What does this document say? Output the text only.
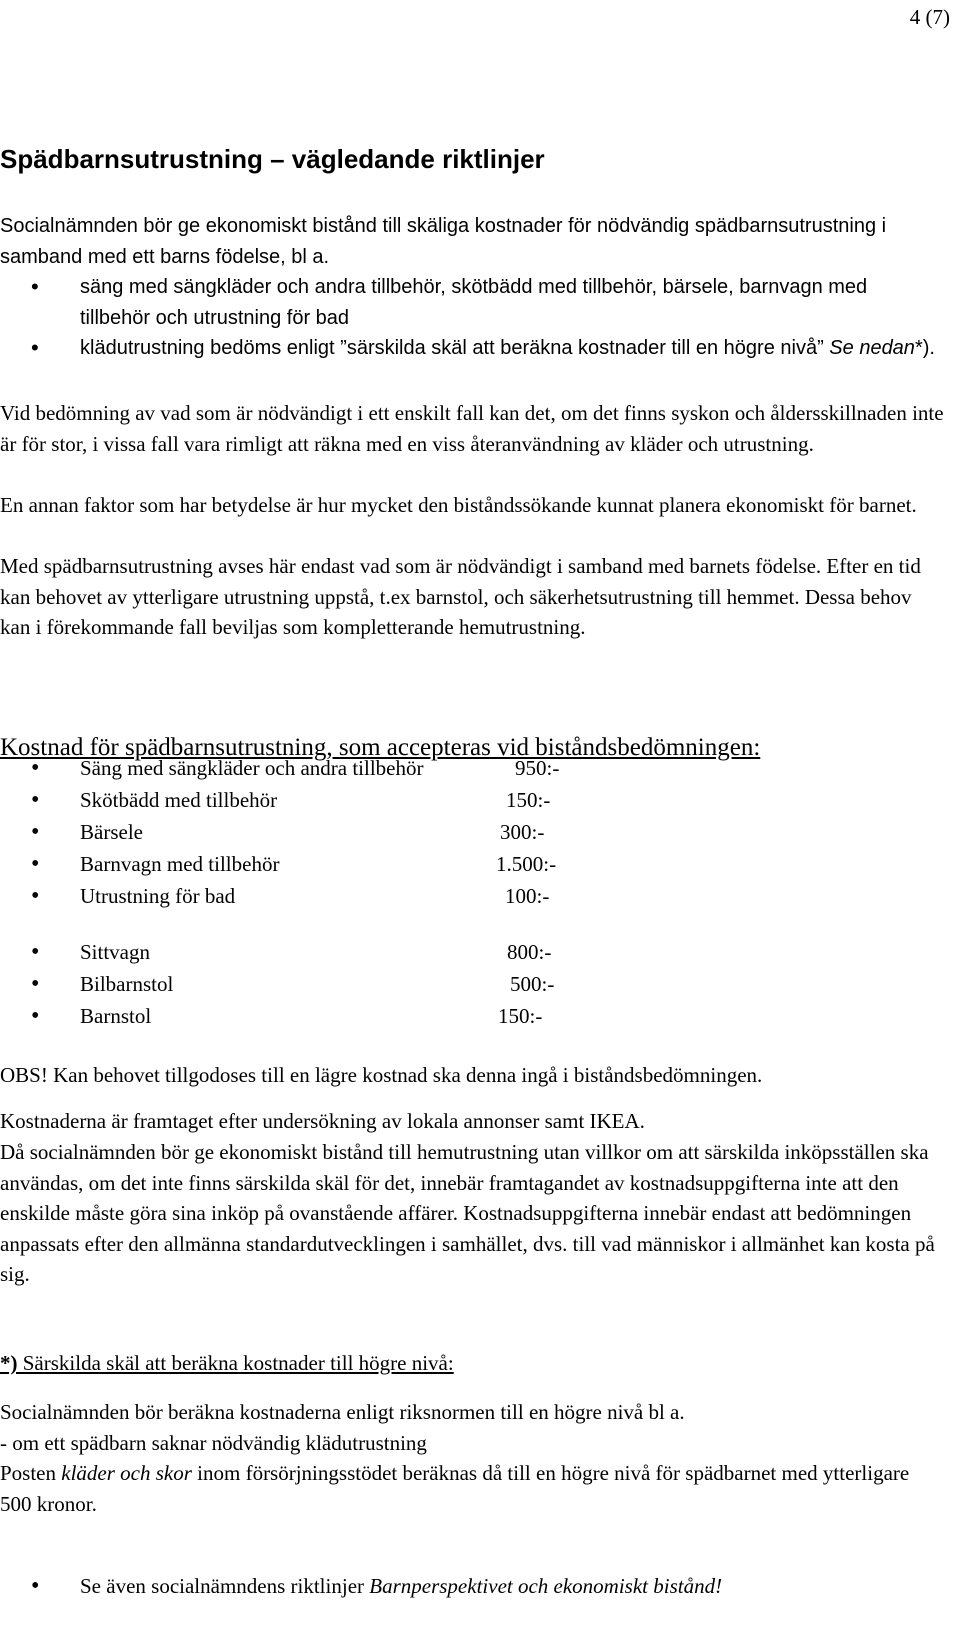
4 (7)
Spädbarnsutrustning – vägledande riktlinjer

Socialnämnden bör ge ekonomiskt bistånd till skäliga kostnader för nödvändig spädbarnsutrustning i samband med ett barns födelse, bl a.

• säng med sängkläder och andra tillbehör, skötbädd med tillbehör, bärsele, barnvagn med tillbehör och utrustning för bad
• klädutrustning bedöms enligt ”särskilda skäl att beräkna kostnader till en högre nivå” Se nedan*).

Vid bedömning av vad som är nödvändigt i ett enskilt fall kan det, om det finns syskon och åldersskillnaden inte är för stor, i vissa fall vara rimligt att räkna med en viss återanvändning av kläder och utrustning.

En annan faktor som har betydelse är hur mycket den biståndssökande kunnat planera ekonomiskt för barnet.

Med spädbarnsutrustning avses här endast vad som är nödvändigt i samband med barnets födelse. Efter en tid kan behovet av ytterligare utrustning uppstå, t.ex barnstol, och säkerhetsutrustning till hemmet. Dessa behov kan i förekommande fall beviljas som kompletterande hemutrustning.

Kostnad för spädbarnsutrustning, som accepteras vid biståndsbedömningen:
• Säng med sängkläder och andra tillbehör	950:-
• Skötbädd med tillbehör	150:-
• Bärsele	300:-
• Barnvagn med tillbehör	1.500:-
• Utrustning för bad	100:-
• Sittvagn	800:-
• Bilbarnstol	500:-
• Barnstol	150:-

OBS! Kan behovet tillgodoses till en lägre kostnad ska denna ingå i biståndsbedömningen.

Kostnaderna är framtaget efter undersökning av lokala annonser samt IKEA.

Då socialnämnden bör ge ekonomiskt bistånd till hemutrustning utan villkor om att särskilda inköpsställen ska användas, om det inte finns särskilda skäl för det, innebär framtagandet av kostnadsuppgifterna inte att den enskilde måste göra sina inköp på ovanstående affärer. Kostnadsuppgifterna innebär endast att bedömningen anpassats efter den allmänna standardutvecklingen i samhället, dvs. till vad människor i allmänhet kan kosta på sig.

*) Särskilda skäl att beräkna kostnader till högre nivå:

Socialnämnden bör beräkna kostnaderna enligt riksnormen till en högre nivå bl a.

- om ett spädbarn saknar nödvändig klädutrustning

Posten kläder och skor inom försörjningsstödet beräknas då till en högre nivå för spädbarnet med ytterligare 500 kronor.

• Se även socialnämndens riktlinjer Barnperspektivet och ekonomiskt bistånd!
